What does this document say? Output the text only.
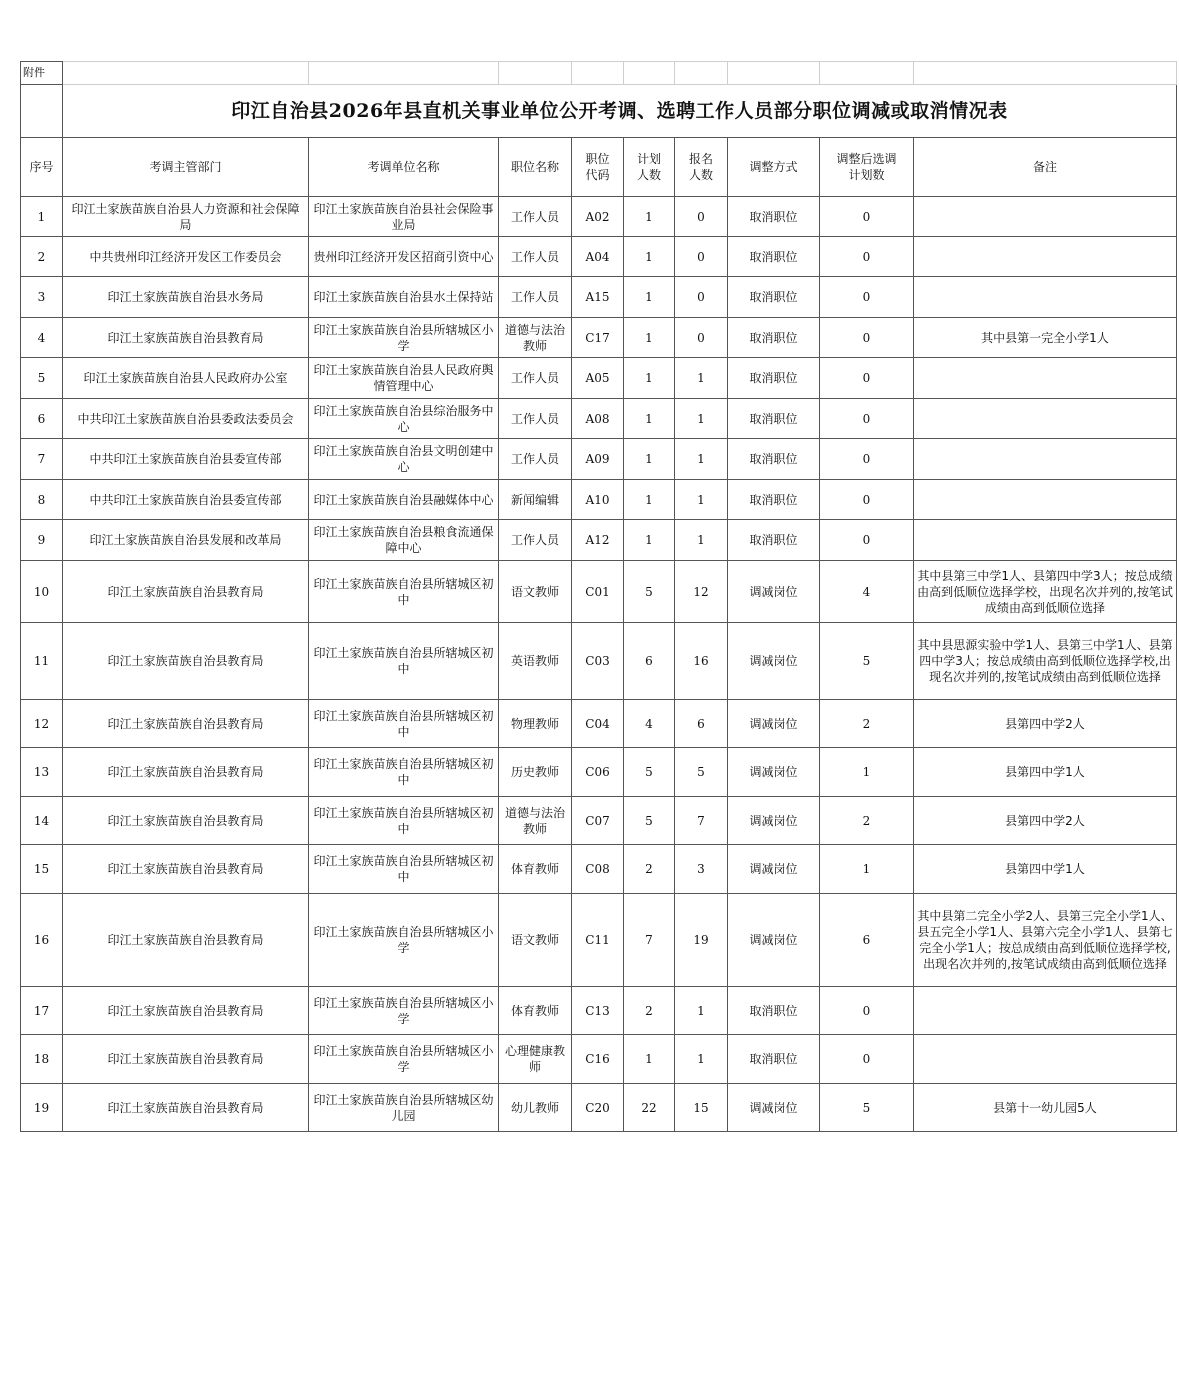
附件									
	印江自治县2026年县直机关事业单位公开考调、选聘工作人员部分职位调减或取消情况表								
序号	考调主管部门	考调单位名称	职位名称	职位代码	计划人数	报名人数	调整方式	调整后选调计划数	备注
1	印江土家族苗族自治县人力资源和社会保障局	印江土家族苗族自治县社会保险事业局	工作人员	A02	1	0	取消职位	0	
2	中共贵州印江经济开发区工作委员会	贵州印江经济开发区招商引资中心	工作人员	A04	1	0	取消职位	0	
3	印江土家族苗族自治县水务局	印江土家族苗族自治县水土保持站	工作人员	A15	1	0	取消职位	0	
4	印江土家族苗族自治县教育局	印江土家族苗族自治县所辖城区小学	道德与法治教师	C17	1	0	取消职位	0	其中县第一完全小学1人
5	印江土家族苗族自治县人民政府办公室	印江土家族苗族自治县人民政府舆情管理中心	工作人员	A05	1	1	取消职位	0	
6	中共印江土家族苗族自治县委政法委员会	印江土家族苗族自治县综治服务中心	工作人员	A08	1	1	取消职位	0	
7	中共印江土家族苗族自治县委宣传部	印江土家族苗族自治县文明创建中心	工作人员	A09	1	1	取消职位	0	
8	中共印江土家族苗族自治县委宣传部	印江土家族苗族自治县融媒体中心	新闻编辑	A10	1	1	取消职位	0	
9	印江土家族苗族自治县发展和改革局	印江土家族苗族自治县粮食流通保障中心	工作人员	A12	1	1	取消职位	0	
10	印江土家族苗族自治县教育局	印江土家族苗族自治县所辖城区初中	语文教师	C01	5	12	调减岗位	4	其中县第三中学1人、县第四中学3人；按总成绩由高到低顺位选择学校，出现名次并列的,按笔试成绩由高到低顺位选择
11	印江土家族苗族自治县教育局	印江土家族苗族自治县所辖城区初中	英语教师	C03	6	16	调减岗位	5	其中县思源实验中学1人、县第三中学1人、县第四中学3人；按总成绩由高到低顺位选择学校,出现名次并列的,按笔试成绩由高到低顺位选择
12	印江土家族苗族自治县教育局	印江土家族苗族自治县所辖城区初中	物理教师	C04	4	6	调减岗位	2	县第四中学2人
13	印江土家族苗族自治县教育局	印江土家族苗族自治县所辖城区初中	历史教师	C06	5	5	调减岗位	1	县第四中学1人
14	印江土家族苗族自治县教育局	印江土家族苗族自治县所辖城区初中	道德与法治教师	C07	5	7	调减岗位	2	县第四中学2人
15	印江土家族苗族自治县教育局	印江土家族苗族自治县所辖城区初中	体育教师	C08	2	3	调减岗位	1	县第四中学1人
16	印江土家族苗族自治县教育局	印江土家族苗族自治县所辖城区小学	语文教师	C11	7	19	调减岗位	6	其中县第二完全小学2人、县第三完全小学1人、县五完全小学1人、县第六完全小学1人、县第七完全小学1人；按总成绩由高到低顺位选择学校,出现名次并列的,按笔试成绩由高到低顺位选择
17	印江土家族苗族自治县教育局	印江土家族苗族自治县所辖城区小学	体育教师	C13	2	1	取消职位	0	
18	印江土家族苗族自治县教育局	印江土家族苗族自治县所辖城区小学	心理健康教师	C16	1	1	取消职位	0	
19	印江土家族苗族自治县教育局	印江土家族苗族自治县所辖城区幼儿园	幼儿教师	C20	22	15	调减岗位	5	县第十一幼儿园5人
